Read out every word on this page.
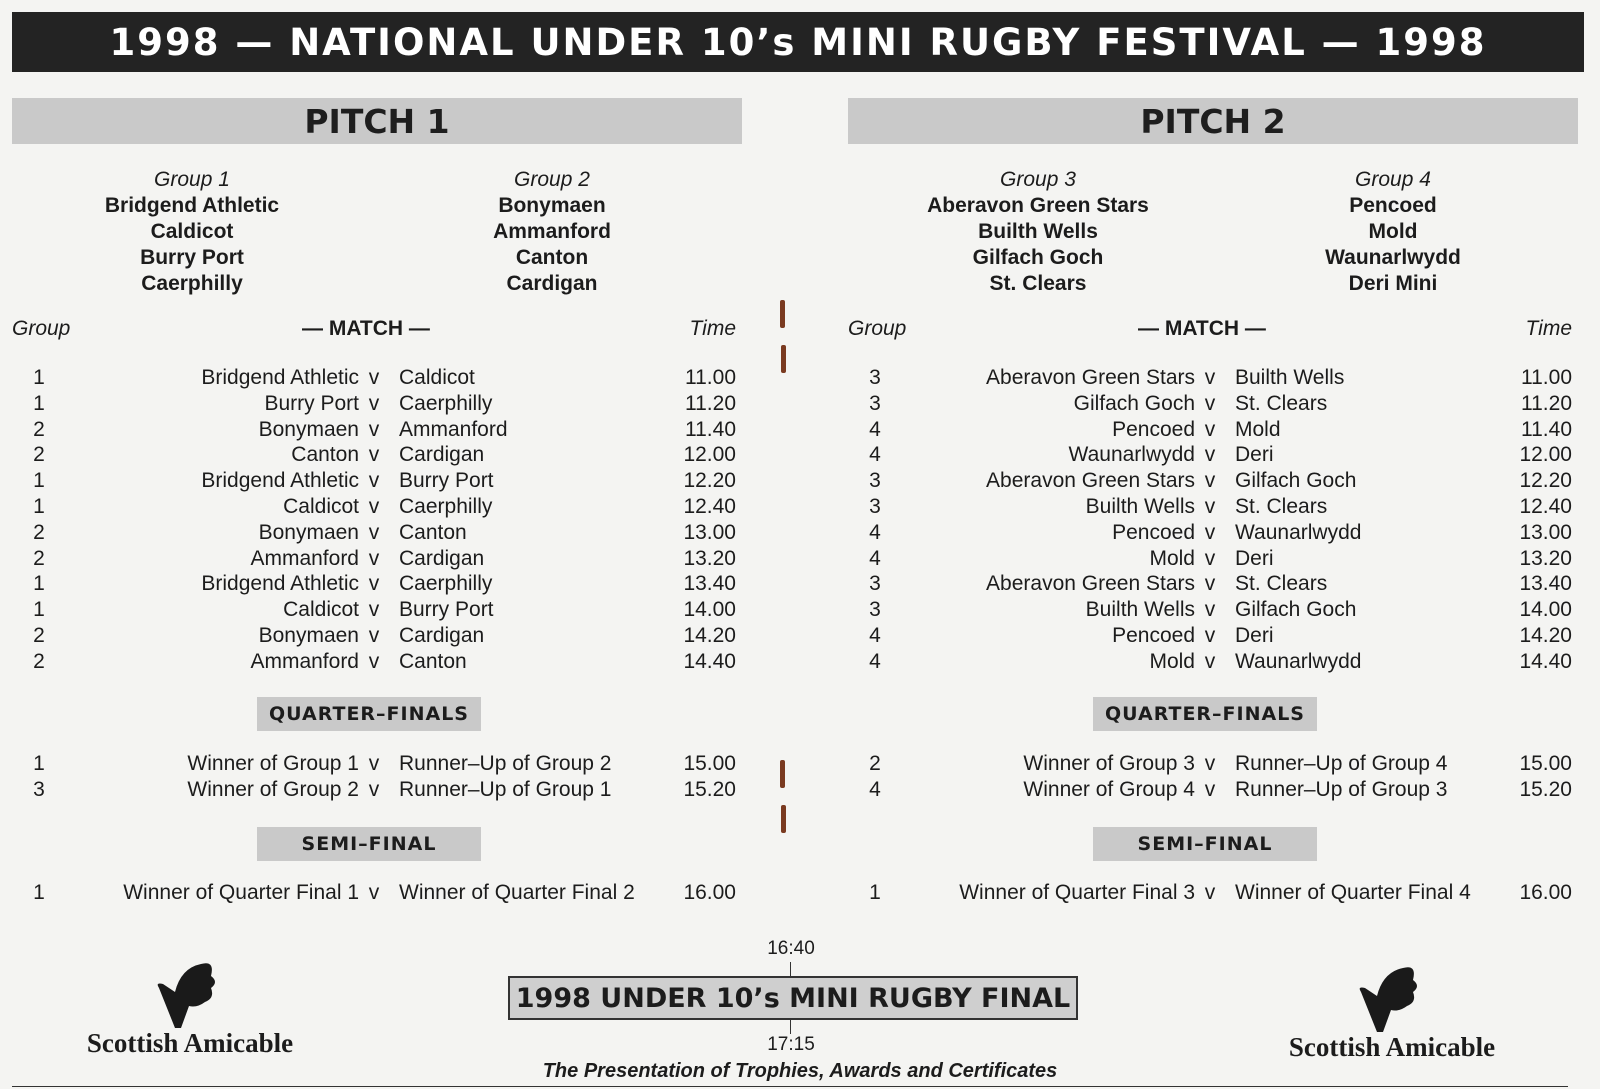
1998 — NATIONAL UNDER 10’s MINI RUGBY FESTIVAL — 1998
PITCH 1
Group 1
Bridgend Athletic
Caldicot
Burry Port
Caerphilly
Group 2
Bonymaen
Ammanford
Canton
Cardigan
Group	— MATCH —	Time
1	Bridgend Athletic v Caldicot	11.00
1	Burry Port v Caerphilly	11.20
2	Bonymaen v Ammanford	11.40
2	Canton v Cardigan	12.00
1	Bridgend Athletic v Burry Port	12.20
1	Caldicot v Caerphilly	12.40
2	Bonymaen v Canton	13.00
2	Ammanford v Cardigan	13.20
1	Bridgend Athletic v Caerphilly	13.40
1	Caldicot v Burry Port	14.00
2	Bonymaen v Cardigan	14.20
2	Ammanford v Canton	14.40
QUARTER–FINALS
1	Winner of Group 1 v Runner–Up of Group 2	15.00
3	Winner of Group 2 v Runner–Up of Group 1	15.20
SEMI–FINAL
1	Winner of Quarter Final 1 v Winner of Quarter Final 2 16.00
PITCH 2
Group 3
Aberavon Green Stars
Builth Wells
Gilfach Goch
St. Clears
Group 4
Pencoed
Mold
Waunarlwydd
Deri Mini
Group	— MATCH —	Time
3	Aberavon Green Stars v Builth Wells	11.00
3	Gilfach Goch v St. Clears	11.20
4	Pencoed v Mold	11.40
4	Waunarlwydd v Deri	12.00
3	Aberavon Green Stars v Gilfach Goch	12.20
3	Builth Wells v St. Clears	12.40
4	Pencoed v Waunarlwydd	13.00
4	Mold v Deri	13.20
3	Aberavon Green Stars v St. Clears	13.40
3	Builth Wells v Gilfach Goch	14.00
4	Pencoed v Deri	14.20
4	Mold v Waunarlwydd	14.40
QUARTER–FINALS
2	Winner of Group 3 v Runner–Up of Group 4	15.00
4	Winner of Group 4 v Runner–Up of Group 3	15.20
SEMI–FINAL
1	Winner of Quarter Final 3 v Winner of Quarter Final 4 16.00
16:40
1998 UNDER 10’s MINI RUGBY FINAL
17:15
The Presentation of Trophies, Awards and Certificates
Scottish Amicable	Scottish Amicable
